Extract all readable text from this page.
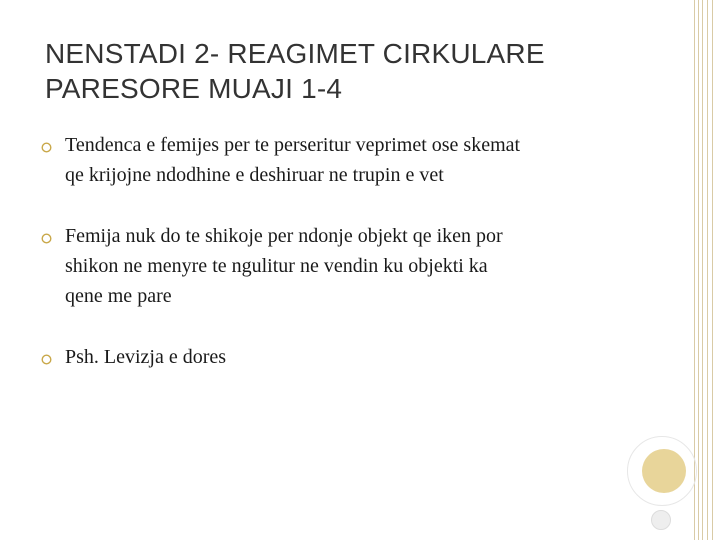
NENSTADI 2- REAGIMET CIRKULARE
PARESORE MUAJI 1-4
Tendenca e femijes per te perseritur veprimet ose skemat
qe krijojne ndodhine e deshiruar ne trupin e vet
Femija nuk do te shikoje per ndonje objekt qe iken por
shikon ne menyre te ngulitur ne vendin ku objekti ka
qene me pare
Psh. Levizja e dores
